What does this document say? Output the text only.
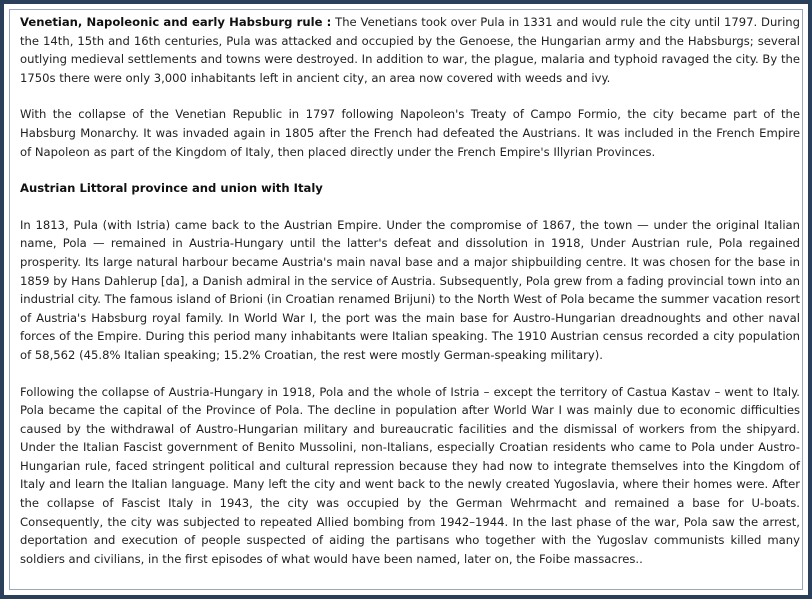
Venetian, Napoleonic and early Habsburg rule : The Venetians took over Pula in 1331 and would rule the city until 1797. During the 14th, 15th and 16th centuries, Pula was attacked and occupied by the Genoese, the Hungarian army and the Habsburgs; several outlying medieval settlements and towns were destroyed. In addition to war, the plague, malaria and typhoid ravaged the city. By the 1750s there were only 3,000 inhabitants left in ancient city, an area now covered with weeds and ivy.

With the collapse of the Venetian Republic in 1797 following Napoleon's Treaty of Campo Formio, the city became part of the Habsburg Monarchy. It was invaded again in 1805 after the French had defeated the Austrians. It was included in the French Empire of Napoleon as part of the Kingdom of Italy, then placed directly under the French Empire's Illyrian Provinces.

Austrian Littoral province and union with Italy

In 1813, Pula (with Istria) came back to the Austrian Empire. Under the compromise of 1867, the town — under the original Italian name, Pola — remained in Austria-Hungary until the latter's defeat and dissolution in 1918, Under Austrian rule, Pola regained prosperity. Its large natural harbour became Austria's main naval base and a major shipbuilding centre. It was chosen for the base in 1859 by Hans Dahlerup [da], a Danish admiral in the service of Austria. Subsequently, Pola grew from a fading provincial town into an industrial city. The famous island of Brioni (in Croatian renamed Brijuni) to the North West of Pola became the summer vacation resort of Austria's Habsburg royal family. In World War I, the port was the main base for Austro-Hungarian dreadnoughts and other naval forces of the Empire. During this period many inhabitants were Italian speaking. The 1910 Austrian census recorded a city population of 58,562 (45.8% Italian speaking; 15.2% Croatian, the rest were mostly German-speaking military).

Following the collapse of Austria-Hungary in 1918, Pola and the whole of Istria – except the territory of Castua Kastav – went to Italy. Pola became the capital of the Province of Pola. The decline in population after World War I was mainly due to economic difficulties caused by the withdrawal of Austro-Hungarian military and bureaucratic facilities and the dismissal of workers from the shipyard. Under the Italian Fascist government of Benito Mussolini, non-Italians, especially Croatian residents who came to Pola under Austro-Hungarian rule, faced stringent political and cultural repression because they had now to integrate themselves into the Kingdom of Italy and learn the Italian language. Many left the city and went back to the newly created Yugoslavia, where their homes were. After the collapse of Fascist Italy in 1943, the city was occupied by the German Wehrmacht and remained a base for U-boats. Consequently, the city was subjected to repeated Allied bombing from 1942–1944. In the last phase of the war, Pola saw the arrest, deportation and execution of people suspected of aiding the partisans who together with the Yugoslav communists killed many soldiers and civilians, in the first episodes of what would have been named, later on, the Foibe massacres..
